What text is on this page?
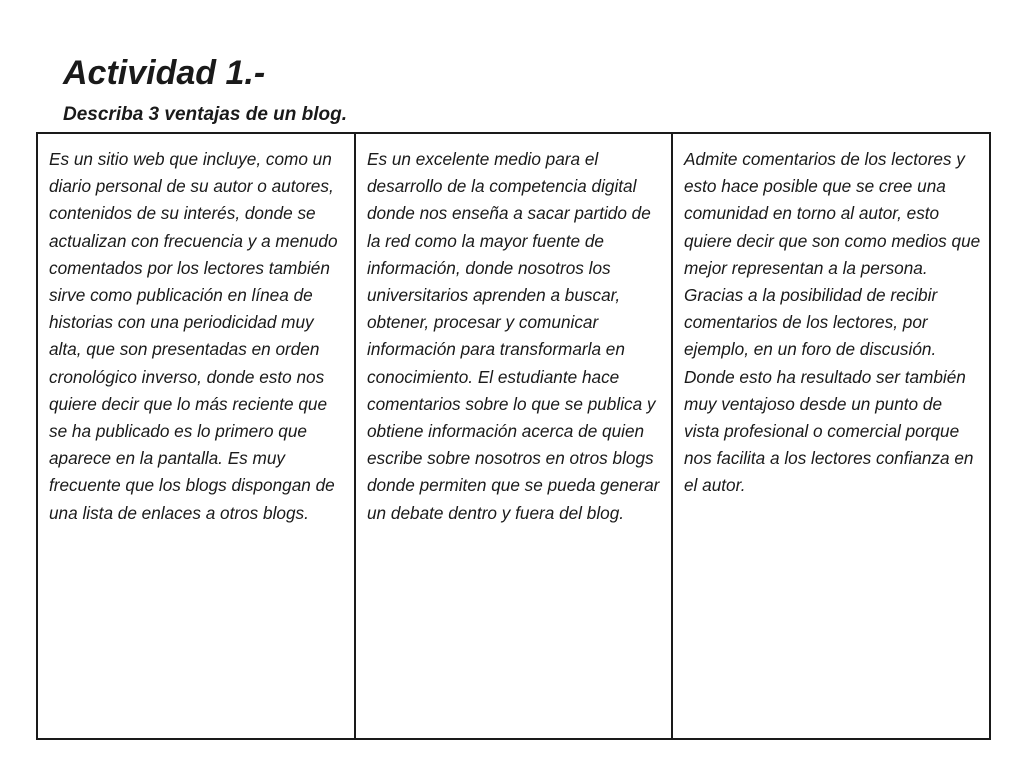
Actividad 1.-
Describa 3 ventajas de un blog.
Es un sitio web que incluye, como un diario personal de su autor o autores, contenidos de su interés, donde se actualizan con frecuencia y a menudo comentados por los lectores también sirve como publicación en línea de historias con una periodicidad muy alta, que son presentadas en orden cronológico inverso, donde esto nos quiere decir que lo más reciente que se ha publicado es lo primero que aparece en la pantalla. Es muy frecuente que los blogs dispongan de una lista de enlaces a otros blogs.	Es un excelente medio para el desarrollo de la competencia digital donde nos enseña a sacar partido de la red como la mayor fuente de información, donde nosotros los universitarios aprenden a buscar, obtener, procesar y comunicar información para transformarla en conocimiento. El estudiante hace comentarios sobre lo que se publica y obtiene información acerca de quien escribe sobre nosotros en otros blogs donde permiten que se pueda generar un debate dentro y fuera del blog.	Admite comentarios de los lectores y esto hace posible que se cree una comunidad en torno al autor, esto quiere decir que son como medios que mejor representan a la persona. Gracias a la posibilidad de recibir comentarios de los lectores, por ejemplo, en un foro de discusión. Donde esto ha resultado ser también muy ventajoso desde un punto de vista profesional o comercial porque nos facilita a los lectores confianza en el autor.
